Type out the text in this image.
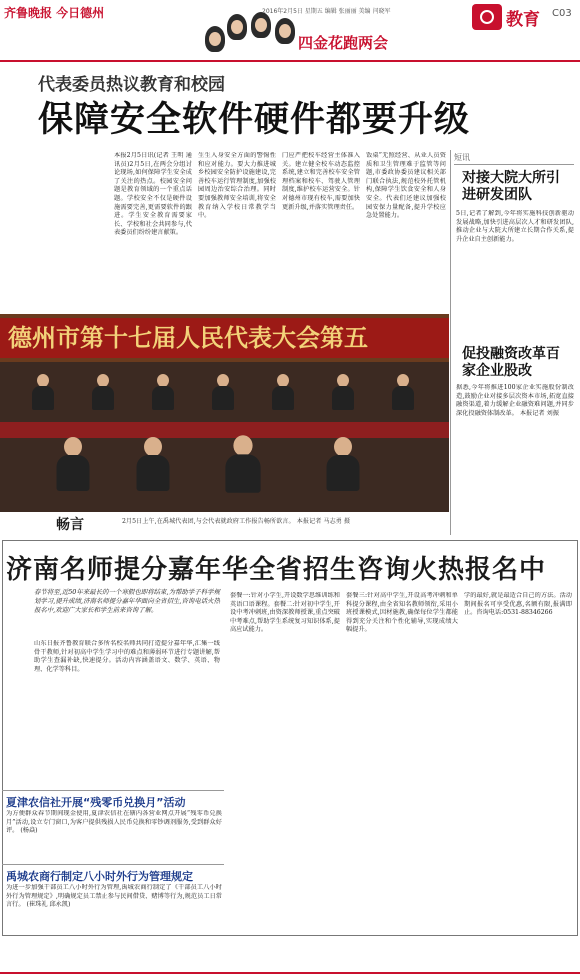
齐鲁晚报 今日德州	2016年2月5日 星期五 编辑 张丽丽 美编 闫晓军
四金花跑两会
教育 C03
代表委员热议教育和校园
保障安全软件硬件都要升级
本报2月5日讯(记者 王明 通讯员)2月5日,在两会分组讨论现场,如何保障学生安全成了关注的热点。校园安全问题是教育领域的一个重点话题。学校安全不仅是硬件设施需要完善,更需要软件的跟进。学生安全教育需要家长、学校和社会共同参与,代表委员们纷纷建言献策。
生生入身安全方面的警惕性和应对能力。要大力推进城乡校园安全防护设施建设,完善校车运行管理制度,加强校园周边治安综合治理。同时要加强教师安全培训,将安全教育纳入学校日常教学当中。
门应严把校车经营主体准入关。建立健全校车动态监控系统,建立和完善校车安全管理档案和校车、驾驶人管理制度,维护校车运营安全。针对德州市现有校车,需要加快更新升级,并落实管理责任。
饭桌”无照经营、从业人员资质和卫生管理难于监管等问题,市委政协委员建议相关部门联合执法,规范校外托管机构,保障学生饮食安全和人身安全。代表们还建议加强校园安保力量配备,提升学校应急处置能力。
德州市第十七届人民代表大会第五
畅言	2月5日上午,在禹城代表团,与会代表就政府工作报告畅所欲言。 本报记者 马志勇 摄
短讯
对接大院大所引进研发团队
5日,记者了解到,今年将实施科技创新驱动发展战略,加快引进高层次人才和研发团队,推动企业与大院大所建立长期合作关系,提升企业自主创新能力。
促投融资改革百家企业股改
据悉,今年将推进100家企业实施股份制改造,鼓励企业对接多层次资本市场,拓宽直接融资渠道,着力缓解企业融资难问题,并同步深化投融资体制改革。 本报记者 刘振
济南名师提分嘉年华全省招生咨询火热报名中
春节将至,近50年来最长的一个寒假也即将结束,为帮助学子科学规划学习,提升成绩,济南名师提分嘉年华面向全省招生,咨询电话火热报名中,欢迎广大家长和学生前来咨询了解。
山东日报齐鲁教育联合多所名校名师共同打造提分嘉年华,汇集一线骨干教师,针对初高中学生学习中的难点和薄弱环节进行专题讲解,帮助学生查漏补缺,快速提分。活动内容涵盖语文、数学、英语、物理、化学等科目。
套餐一:针对小学生,开设数学思维训练和英语口语课程。套餐二:针对初中学生,开设中考冲刺班,由资深教师授课,重点突破中考难点,帮助学生系统复习知识体系,提高应试能力。
套餐三:针对高中学生,开设高考冲刺和单科提分课程,由全省知名教师领衔,采用小班授课模式,因材施教,确保每位学生都能得到充分关注和个性化辅导,实现成绩大幅提升。
学的最好,就是最适合自己的方法。活动期间报名可享受优惠,名额有限,报满即止。咨询电话:0531-88346266
夏津农信社开展“残零币兑换月”活动
为方便群众春节期间现金使用,夏津农信社在辖内各营业网点开展“残零币兑换月”活动,设立专门窗口,为客户提供残损人民币兑换和零钞调剂服务,受到群众好评。 (杨焱)
禹城农商行制定八小时外行为管理规定
为进一步加强干部员工八小时外行为管理,禹城农商行制定了《干部员工八小时外行为管理规定》,明确规定员工禁止参与民间借贷、赌博等行为,规范员工日常言行。 (崔珠礼 邱永凯)
